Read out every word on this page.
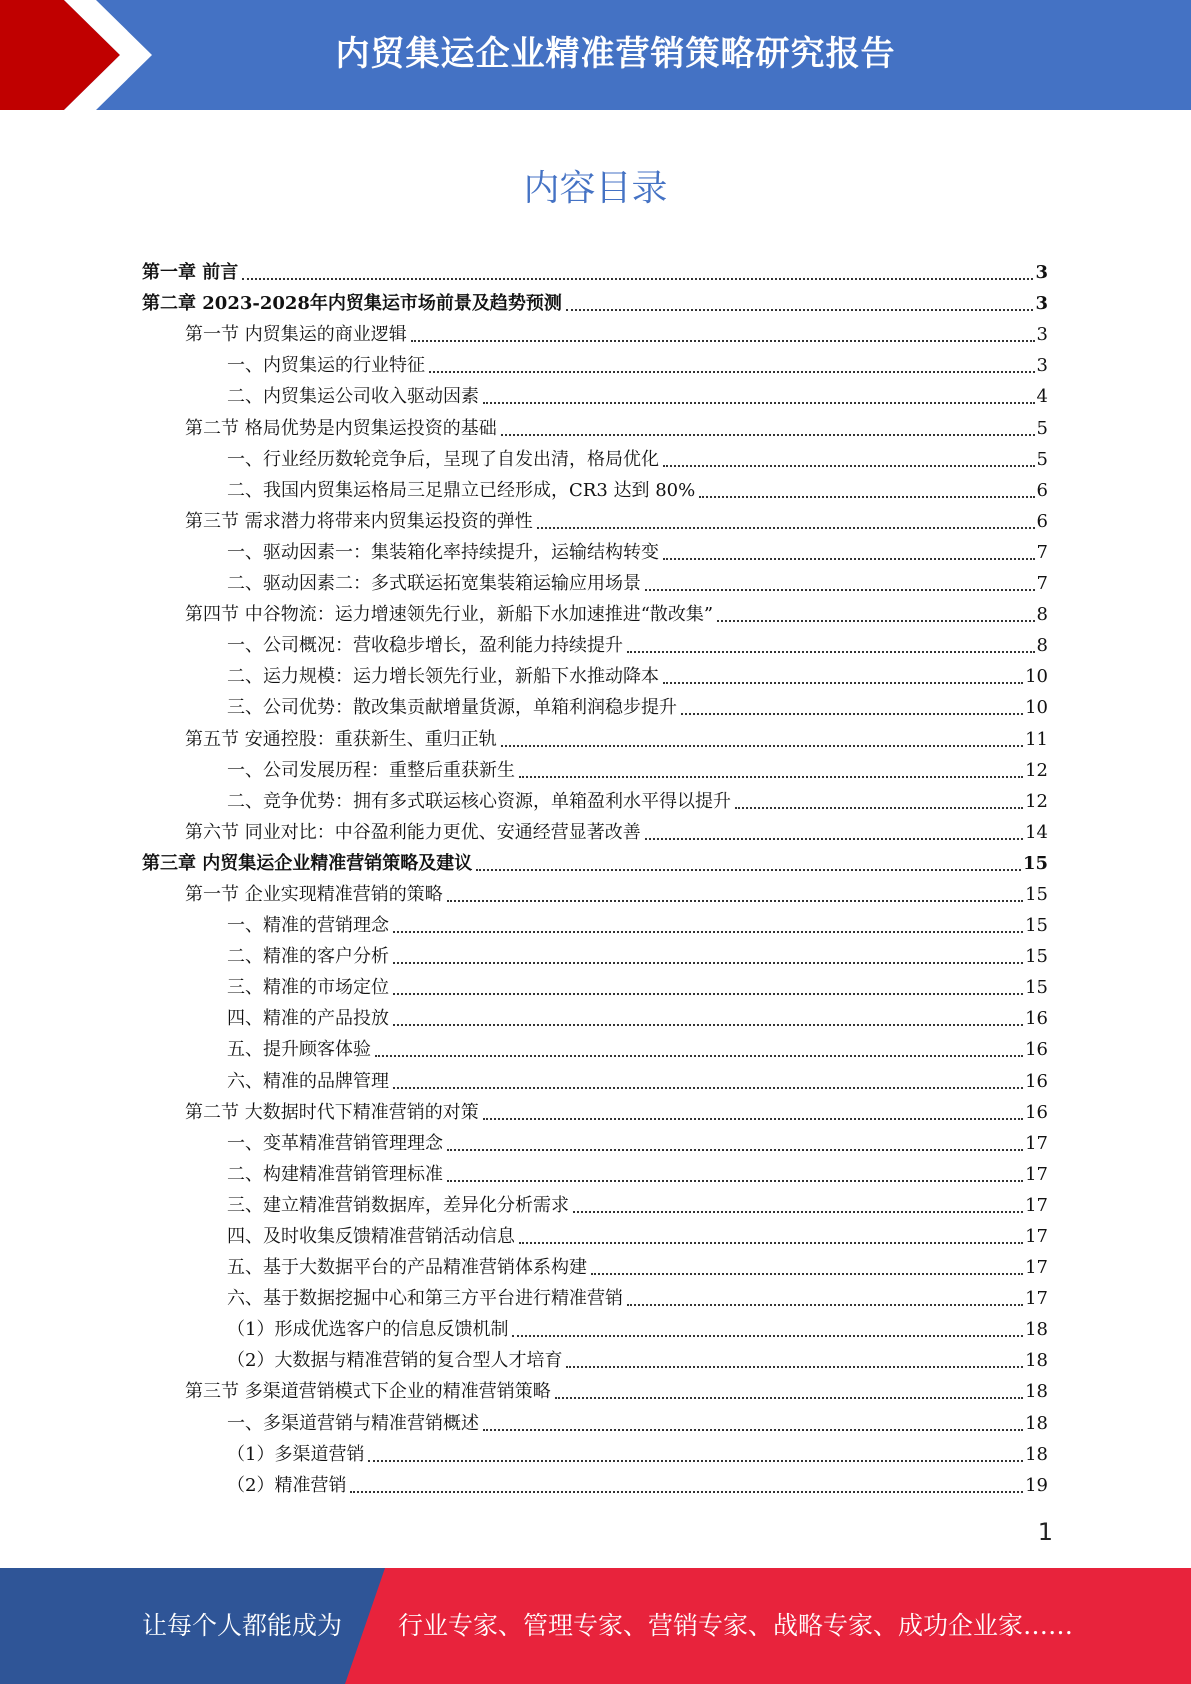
内贸集运企业精准营销策略研究报告
内容目录
第一章 前言	3
第二章 2023-2028年内贸集运市场前景及趋势预测	3
第一节 内贸集运的商业逻辑	3
一、内贸集运的行业特征	3
二、内贸集运公司收入驱动因素	4
第二节 格局优势是内贸集运投资的基础	5
一、行业经历数轮竞争后，呈现了自发出清，格局优化	5
二、我国内贸集运格局三足鼎立已经形成，CR3 达到 80%	6
第三节 需求潜力将带来内贸集运投资的弹性	6
一、驱动因素一：集装箱化率持续提升，运输结构转变	7
二、驱动因素二：多式联运拓宽集装箱运输应用场景	7
第四节 中谷物流：运力增速领先行业，新船下水加速推进“散改集”	8
一、公司概况：营收稳步增长，盈利能力持续提升	8
二、运力规模：运力增长领先行业，新船下水推动降本	10
三、公司优势：散改集贡献增量货源，单箱利润稳步提升	10
第五节 安通控股：重获新生、重归正轨	11
一、公司发展历程：重整后重获新生	12
二、竞争优势：拥有多式联运核心资源，单箱盈利水平得以提升	12
第六节 同业对比：中谷盈利能力更优、安通经营显著改善	14
第三章 内贸集运企业精准营销策略及建议	15
第一节 企业实现精准营销的策略	15
一、精准的营销理念	15
二、精准的客户分析	15
三、精准的市场定位	15
四、精准的产品投放	16
五、提升顾客体验	16
六、精准的品牌管理	16
第二节 大数据时代下精准营销的对策	16
一、变革精准营销管理理念	17
二、构建精准营销管理标准	17
三、建立精准营销数据库，差异化分析需求	17
四、及时收集反馈精准营销活动信息	17
五、基于大数据平台的产品精准营销体系构建	17
六、基于数据挖掘中心和第三方平台进行精准营销	17
（1）形成优选客户的信息反馈机制	18
（2）大数据与精准营销的复合型人才培育	18
第三节 多渠道营销模式下企业的精准营销策略	18
一、多渠道营销与精准营销概述	18
（1）多渠道营销	18
（2）精准营销	19
1
让每个人都能成为 行业专家、管理专家、营销专家、战略专家、成功企业家……
